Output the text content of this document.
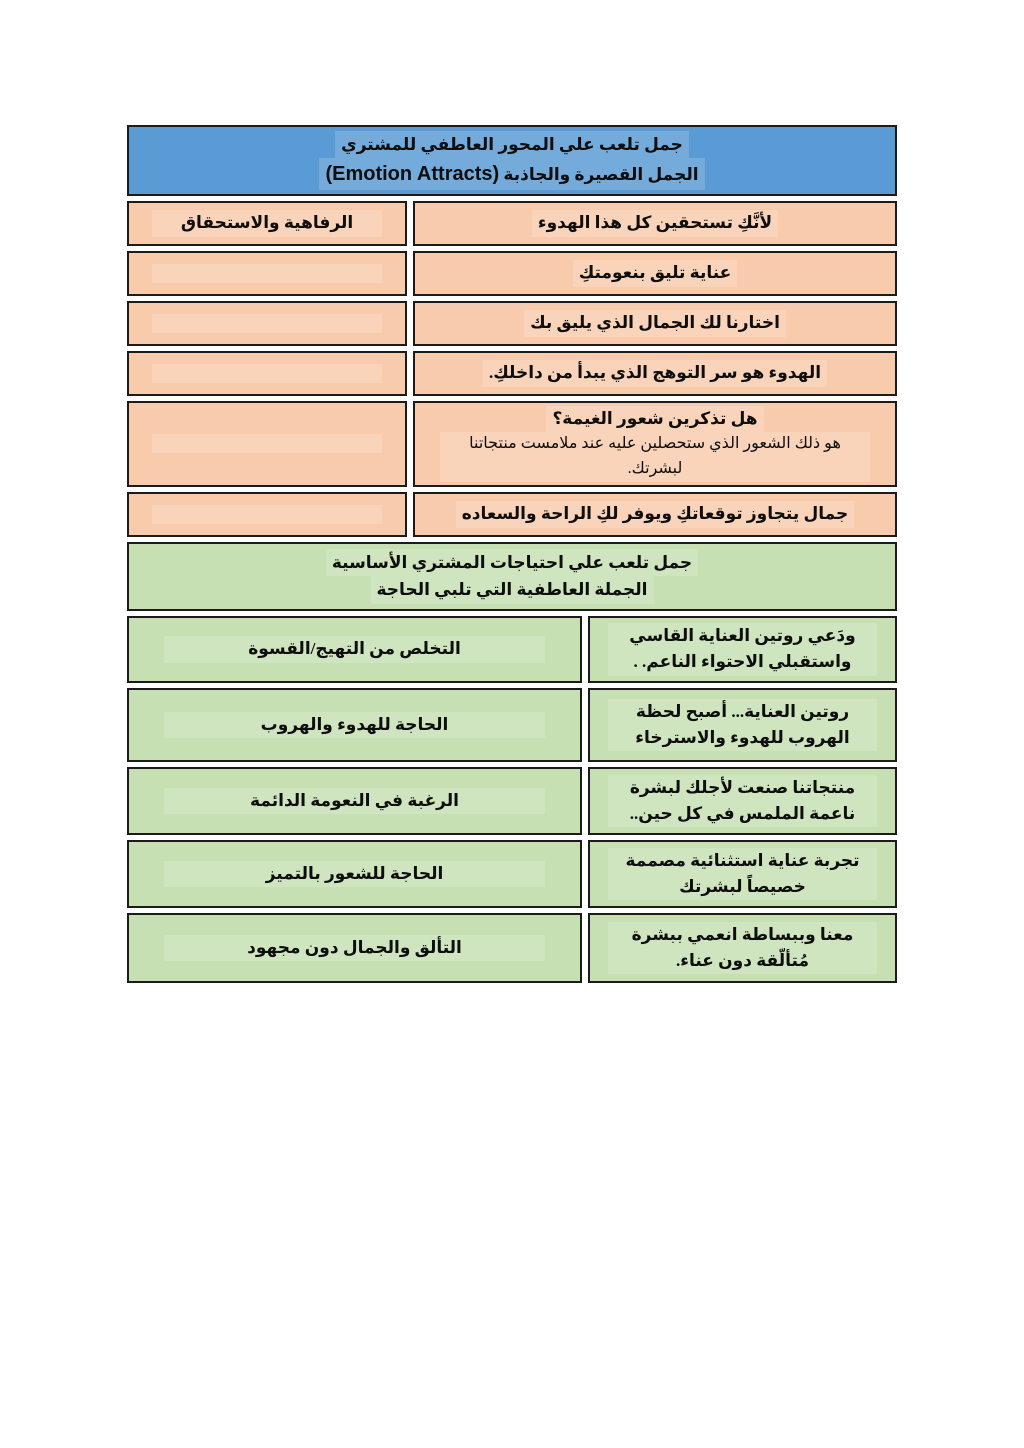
جمل تلعب علي المحور العاطفي للمشتري
الجمل القصيرة والجاذبة (Emotion Attracts)
لأنَّكِ تستحقين كل هذا الهدوء
الرفاهية والاستحقاق
عناية تليق بنعومتكِ
اختارنا لك الجمال الذي يليق بك
الهدوء هو سر التوهج الذي يبدأ من داخلكِ.
هل تذكرين شعور الغيمة؟
هو ذلك الشعور الذي ستحصلين عليه عند ملامست منتجاتنا لبشرتك.
جمال يتجاوز توقعاتكِ ويوفر لكِ الراحة والسعاده
جمل تلعب علي احتياجات المشتري الأساسية
الجملة العاطفية التي تلبي الحاجة
ودَعي روتين العناية القاسي واستقبلي الاحتواء الناعم. .
التخلص من التهيج/القسوة
روتين العناية... أصبح لحظة الهروب للهدوء والاسترخاء
الحاجة للهدوء والهروب
منتجاتنا صنعت لأجلك لبشرة ناعمة الملمس في كل حين..
الرغبة في النعومة الدائمة
تجربة عناية استثنائية مصممة خصيصاً لبشرتك
الحاجة للشعور بالتميز
معنا وببساطة انعمي ببشرة مُتألّقة دون عناء.
التألق والجمال دون مجهود
